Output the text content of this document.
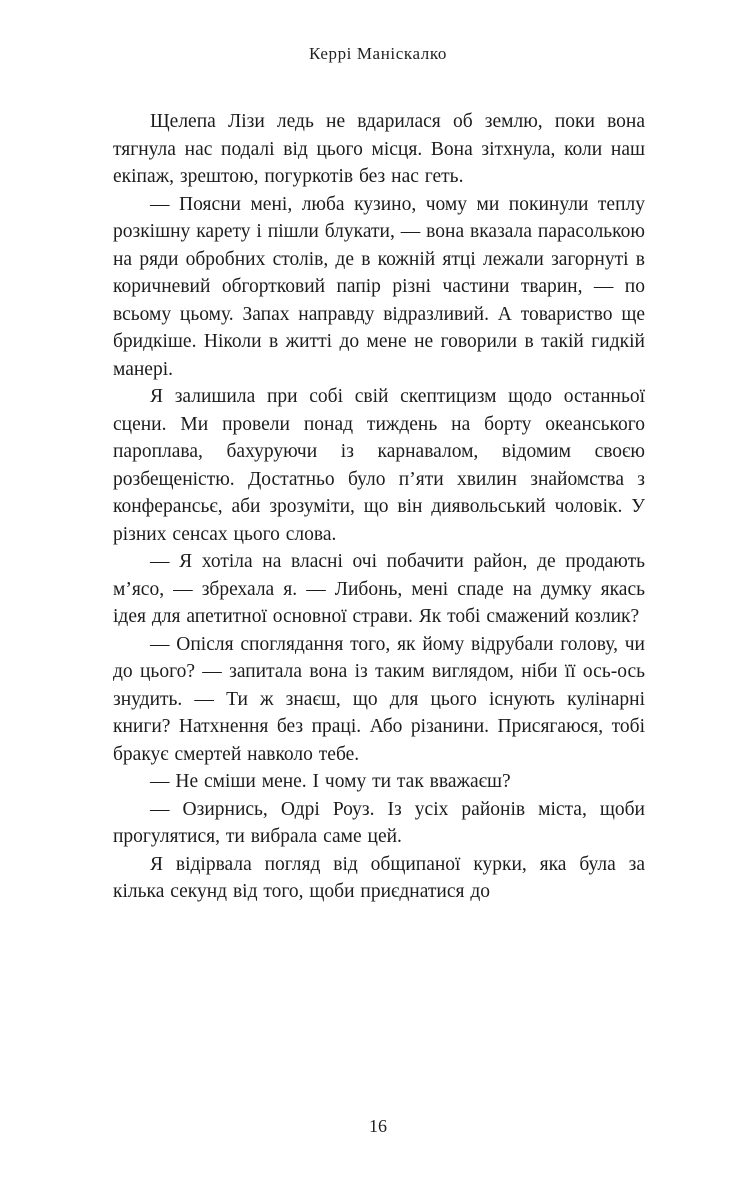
Керрі Маніскалко

Щелепа Лізи ледь не вдарилася об землю, поки вона тягнула нас подалі від цього місця. Вона зітхнула, коли наш екіпаж, зрештою, погуркотів без нас геть.

— Поясни мені, люба кузино, чому ми покинули теплу розкішну карету і пішли блукати, — вона вказала парасолькою на ряди обробних столів, де в кожній ятці лежали загорнуті в коричневий обгортковий папір різні частини тварин, — по всьому цьому. Запах направду відразливий. А товариство ще бридкіше. Ніколи в житті до мене не говорили в такій гидкій манері.

Я залишила при собі свій скептицизм щодо останньої сцени. Ми провели понад тиждень на борту океанського пароплава, бахуруючи із карнавалом, відомим своєю розбещеністю. Достатньо було п’яти хвилин знайомства з конферансьє, аби зрозуміти, що він диявольський чоловік. У різних сенсах цього слова.

— Я хотіла на власні очі побачити район, де продають м’ясо, — збрехала я. — Либонь, мені спаде на думку якась ідея для апетитної основної страви. Як тобі смажений козлик?

— Опісля споглядання того, як йому відрубали голову, чи до цього? — запитала вона із таким виглядом, ніби її ось-ось знудить. — Ти ж знаєш, що для цього існують кулінарні книги? Натхнення без праці. Або різанини. Присягаюся, тобі бракує смертей навколо тебе.

— Не сміши мене. І чому ти так вважаєш?

— Озирнись, Одрі Роуз. Із усіх районів міста, щоби прогулятися, ти вибрала саме цей.

Я відірвала погляд від общипаної курки, яка була за кілька секунд від того, щоби приєднатися до

16
